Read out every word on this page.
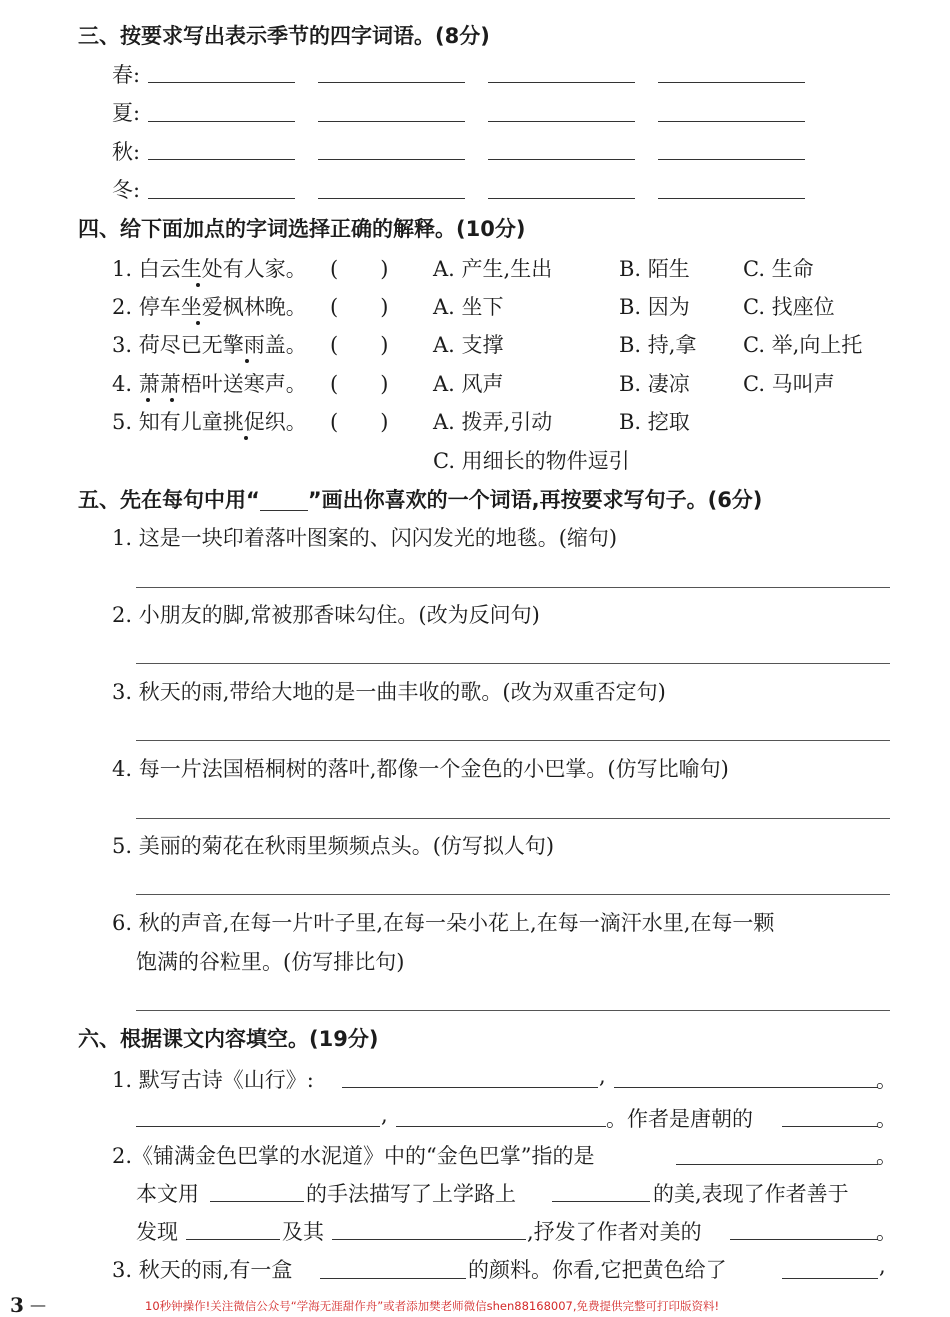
三、按要求写出表示季节的四字词语。(8分)
春:
夏:
秋:
冬:
四、给下面加点的字词选择正确的解释。(10分)
1. 白云生处有人家。 (　　) A. 产生,生出	B. 陌生	C. 生命
2. 停车坐爱枫林晚。 (　　) A. 坐下	B. 因为	C. 找座位
3. 荷尽已无擎雨盖。 (　　) A. 支撑	B. 持,拿 C. 举,向上托
4. 萧萧梧叶送寒声。 (　　) A. 风声	B. 凄凉	C. 马叫声
5. 知有儿童挑促织。 (　　) A. 拨弄,引动	B. 挖取
C. 用细长的物件逗引
五、先在每句中用“ ”画出你喜欢的一个词语,再按要求写句子。(6分)
1. 这是一块印着落叶图案的、闪闪发光的地毯。(缩句)
2. 小朋友的脚,常被那香味勾住。(改为反问句)
3. 秋天的雨,带给大地的是一曲丰收的歌。(改为双重否定句)
4. 每一片法国梧桐树的落叶,都像一个金色的小巴掌。(仿写比喻句)
5. 美丽的菊花在秋雨里频频点头。(仿写拟人句)
6. 秋的声音,在每一片叶子里,在每一朵小花上,在每一滴汗水里,在每一颗
饱满的谷粒里。(仿写排比句)
六、根据课文内容填空。(19分)
1. 默写古诗《山行》:	,	。
,	。作者是唐朝的	。
2.《铺满金色巴掌的水泥道》中的“金色巴掌”指的是	。
本文用	的手法描写了上学路上	的美,表现了作者善于
发现	及其	,抒发了作者对美的	。
3. 秋天的雨,有一盒	的颜料。你看,它把黄色给了	,
3 —	10秒钟操作!关注微信公众号“学海无涯甜作舟”或者添加樊老师微信shen88168007,免费提供完整可打印版资料!
